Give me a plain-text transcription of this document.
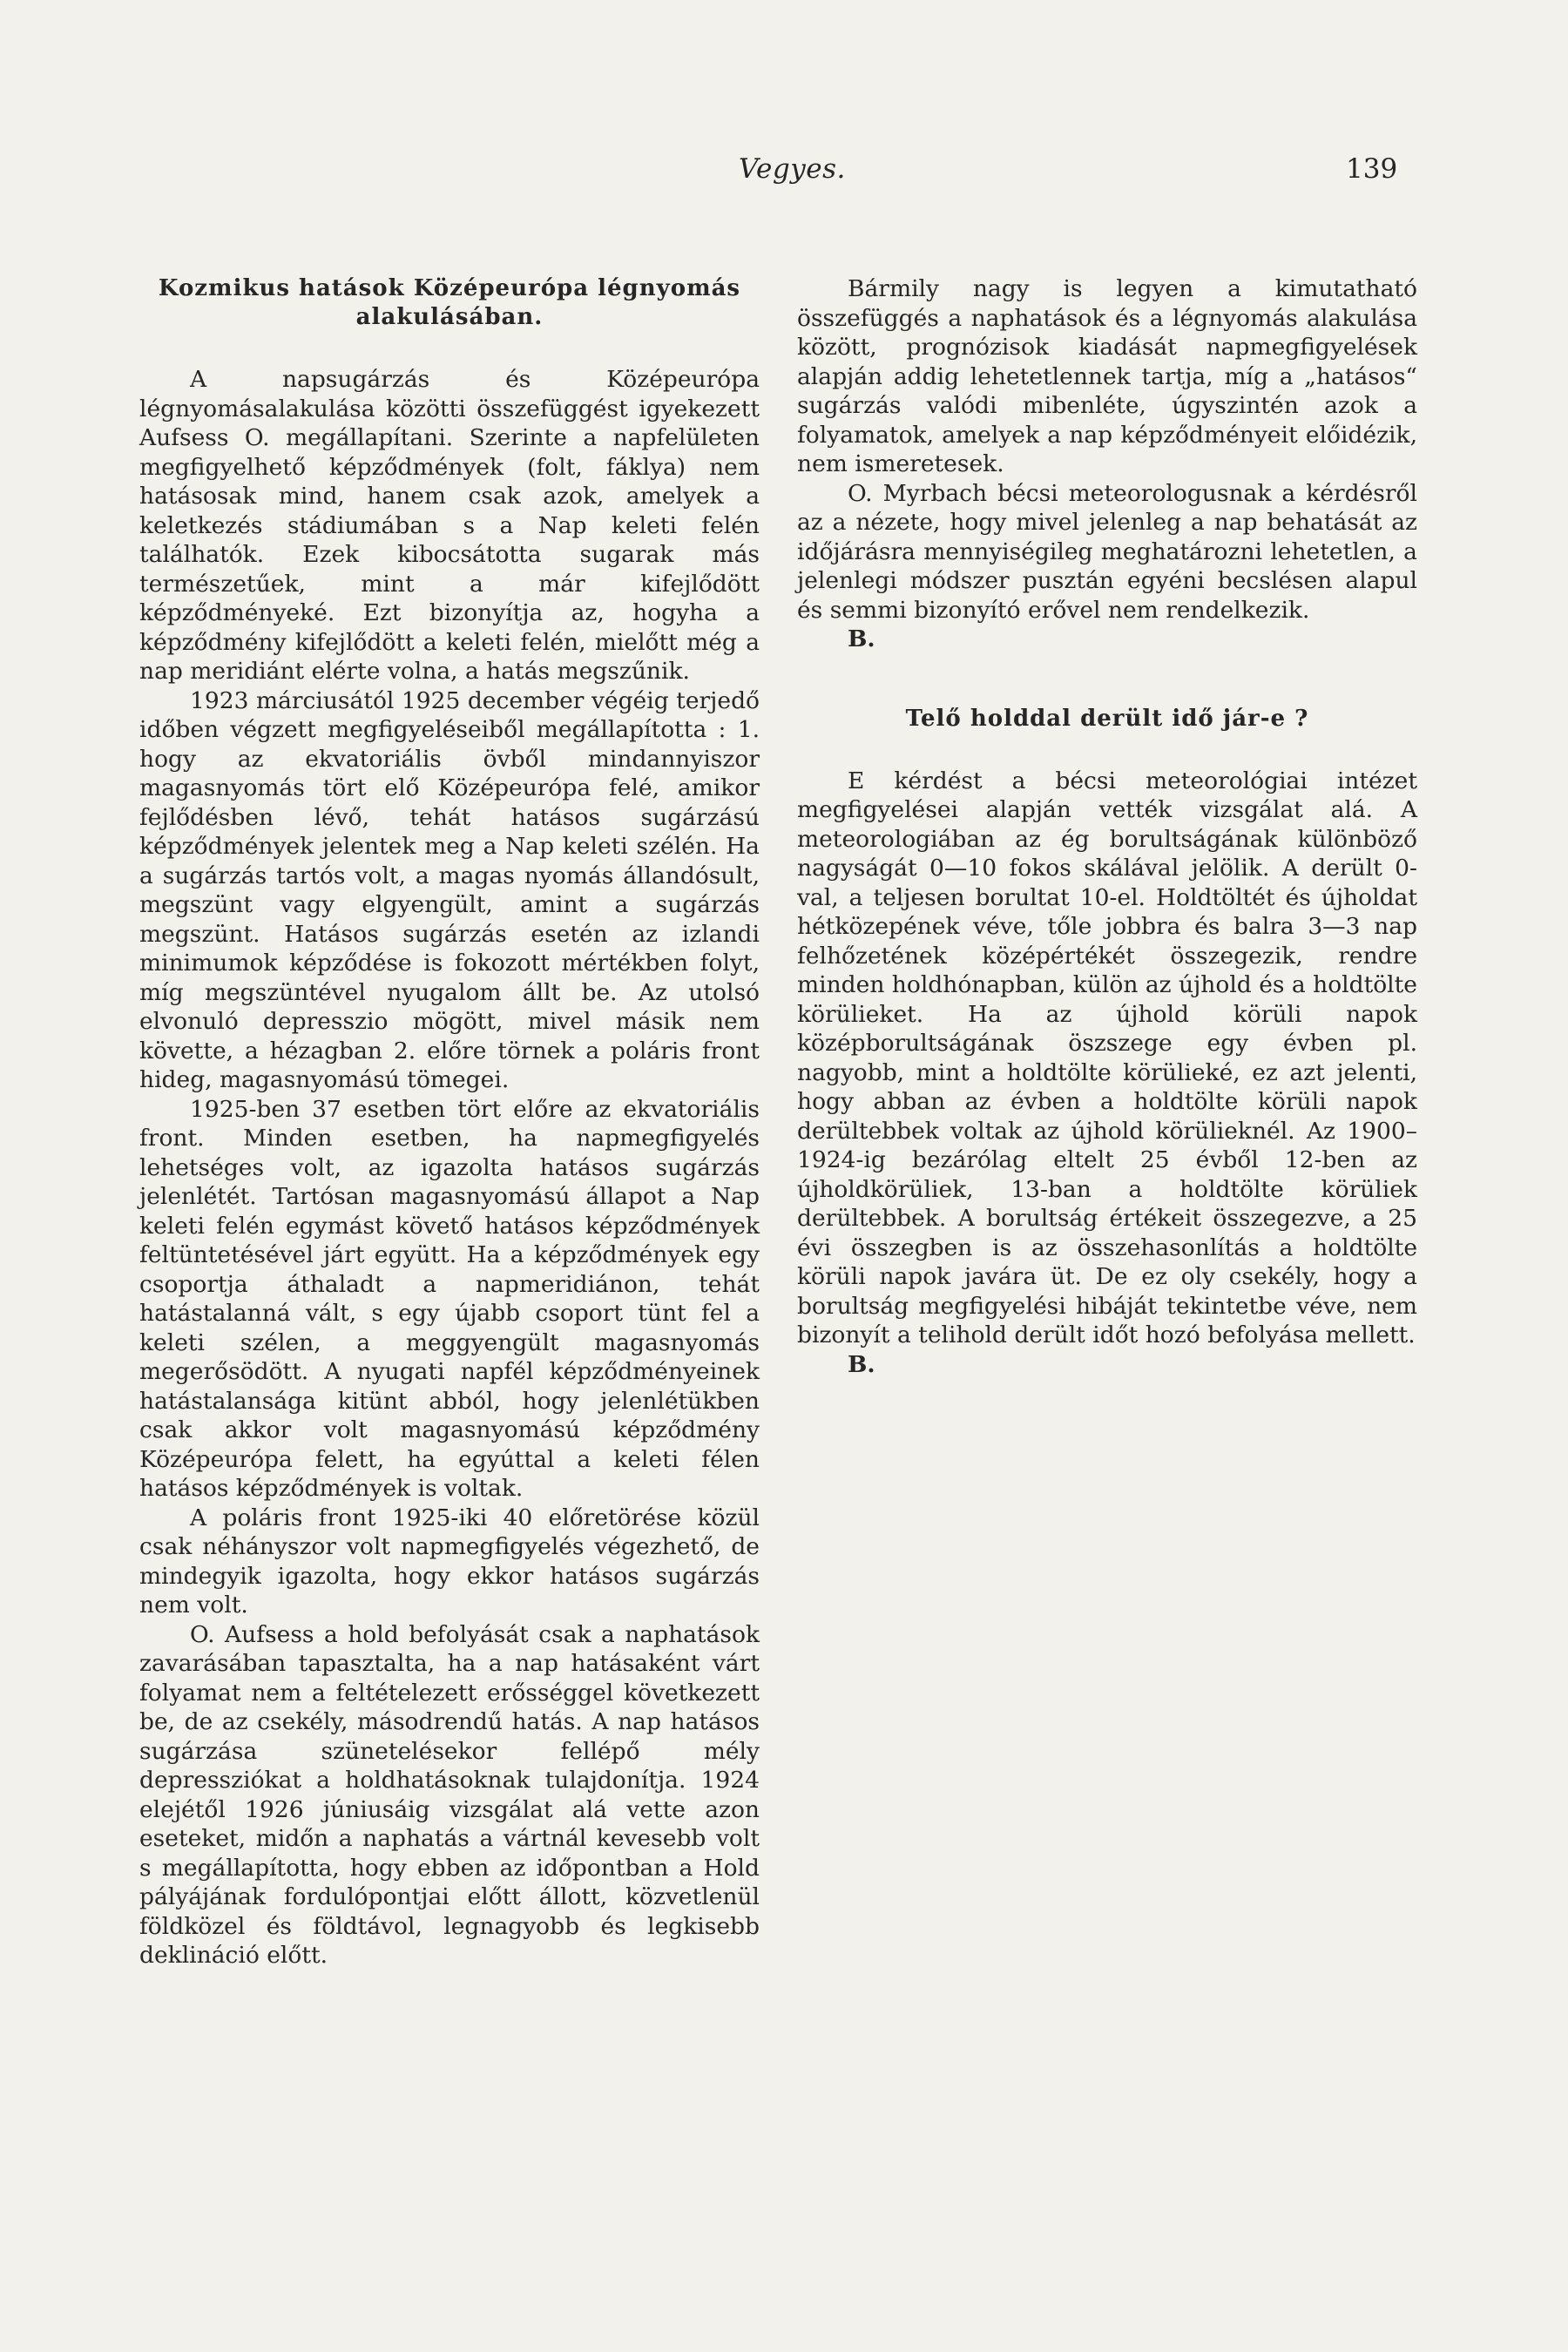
Vegyes.	139
Kozmikus hatások Középeurópa légnyomás alakulásában.

A napsugárzás és Középeurópa légnyomásalakulása közötti összefüggést igyekezett Aufsess O. megállapítani. Szerinte a napfelületen megfigyelhető képződmények (folt, fáklya) nem hatásosak mind, hanem csak azok, amelyek a keletkezés stádiumában s a Nap keleti felén találhatók. Ezek kibocsátotta sugarak más természetűek, mint a már kifejlődött képződményeké. Ezt bizonyítja az, hogyha a képződmény kifejlődött a keleti felén, mielőtt még a nap meridiánt elérte volna, a hatás megszűnik.

1923 márciusától 1925 december végéig terjedő időben végzett megfigyeléseiből megállapította : 1. hogy az ekvatoriális övből mindannyiszor magasnyomás tört elő Középeurópa felé, amikor fejlődésben lévő, tehát hatásos sugárzású képződmények jelentek meg a Nap keleti szélén. Ha a sugárzás tartós volt, a magas nyomás állandósult, megszünt vagy elgyengült, amint a sugárzás megszünt. Hatásos sugárzás esetén az izlandi minimumok képződése is fokozott mértékben folyt, míg megszüntével nyugalom állt be. Az utolsó elvonuló depresszio mögött, mivel másik nem követte, a hézagban 2. előre törnek a poláris front hideg, magasnyomású tömegei.

1925-ben 37 esetben tört előre az ekvatoriális front. Minden esetben, ha napmegfigyelés lehetséges volt, az igazolta hatásos sugárzás jelenlétét. Tartósan magasnyomású állapot a Nap keleti felén egymást követő hatásos képződmények feltüntetésével járt együtt. Ha a képződmények egy csoportja áthaladt a napmeridiánon, tehát hatástalanná vált, s egy újabb csoport tünt fel a keleti szélen, a meggyengült magasnyomás megerősödött. A nyugati napfél képződményeinek hatástalansága kitünt abból, hogy jelenlétükben csak akkor volt magasnyomású képződmény Középeurópa felett, ha egyúttal a keleti félen hatásos képződmények is voltak.

A poláris front 1925-iki 40 előretörése közül csak néhányszor volt napmegfigyelés végezhető, de mindegyik igazolta, hogy ekkor hatásos sugárzás nem volt.

O. Aufsess a hold befolyását csak a naphatások zavarásában tapasztalta, ha a nap hatásaként várt folyamat nem a feltételezett erősséggel következett be, de az csekély, másodrendű hatás. A nap hatásos sugárzása szünetelésekor fellépő mély depressziókat a holdhatásoknak tulajdonítja. 1924 elejétől 1926 júniusáig vizsgálat alá vette azon eseteket, midőn a naphatás a vártnál kevesebb volt s megállapította, hogy ebben az időpontban a Hold pályájának fordulópontjai előtt állott, közvetlenül földközel és földtávol, legnagyobb és legkisebb deklináció előtt.

Bármily nagy is legyen a kimutatható összefüggés a naphatások és a légnyomás alakulása között, prognózisok kiadását napmegfigyelések alapján addig lehetetlennek tartja, míg a „hatásos“ sugárzás valódi mibenléte, úgyszintén azok a folyamatok, amelyek a nap képződményeit előidézik, nem ismeretesek.

O. Myrbach bécsi meteorologusnak a kérdésről az a nézete, hogy mivel jelenleg a nap behatását az időjárásra mennyiségileg meghatározni lehetetlen, a jelenlegi módszer pusztán egyéni becslésen alapul és semmi bizonyító erővel nem rendelkezik.

B.

Telő holddal derült idő jár-e ?

E kérdést a bécsi meteorológiai intézet megfigyelései alapján vették vizsgálat alá. A meteorologiában az ég borultságának különböző nagyságát 0—10 fokos skálával jelölik. A derült 0-val, a teljesen borultat 10-el. Holdtöltét és újholdat hétközepének véve, tőle jobbra és balra 3—3 nap felhőzetének középértékét összegezik, rendre minden holdhónapban, külön az újhold és a holdtölte körülieket. Ha az újhold körüli napok középborultságának öszszege egy évben pl. nagyobb, mint a holdtölte körülieké, ez azt jelenti, hogy abban az évben a holdtölte körüli napok derültebbek voltak az újhold körülieknél. Az 1900–1924-ig bezárólag eltelt 25 évből 12-ben az újholdkörüliek, 13-ban a holdtölte körüliek derültebbek. A borultság értékeit összegezve, a 25 évi összegben is az összehasonlítás a holdtölte körüli napok javára üt. De ez oly csekély, hogy a borultság megfigyelési hibáját tekintetbe véve, nem bizonyít a telihold derült időt hozó befolyása mellett.

B.
